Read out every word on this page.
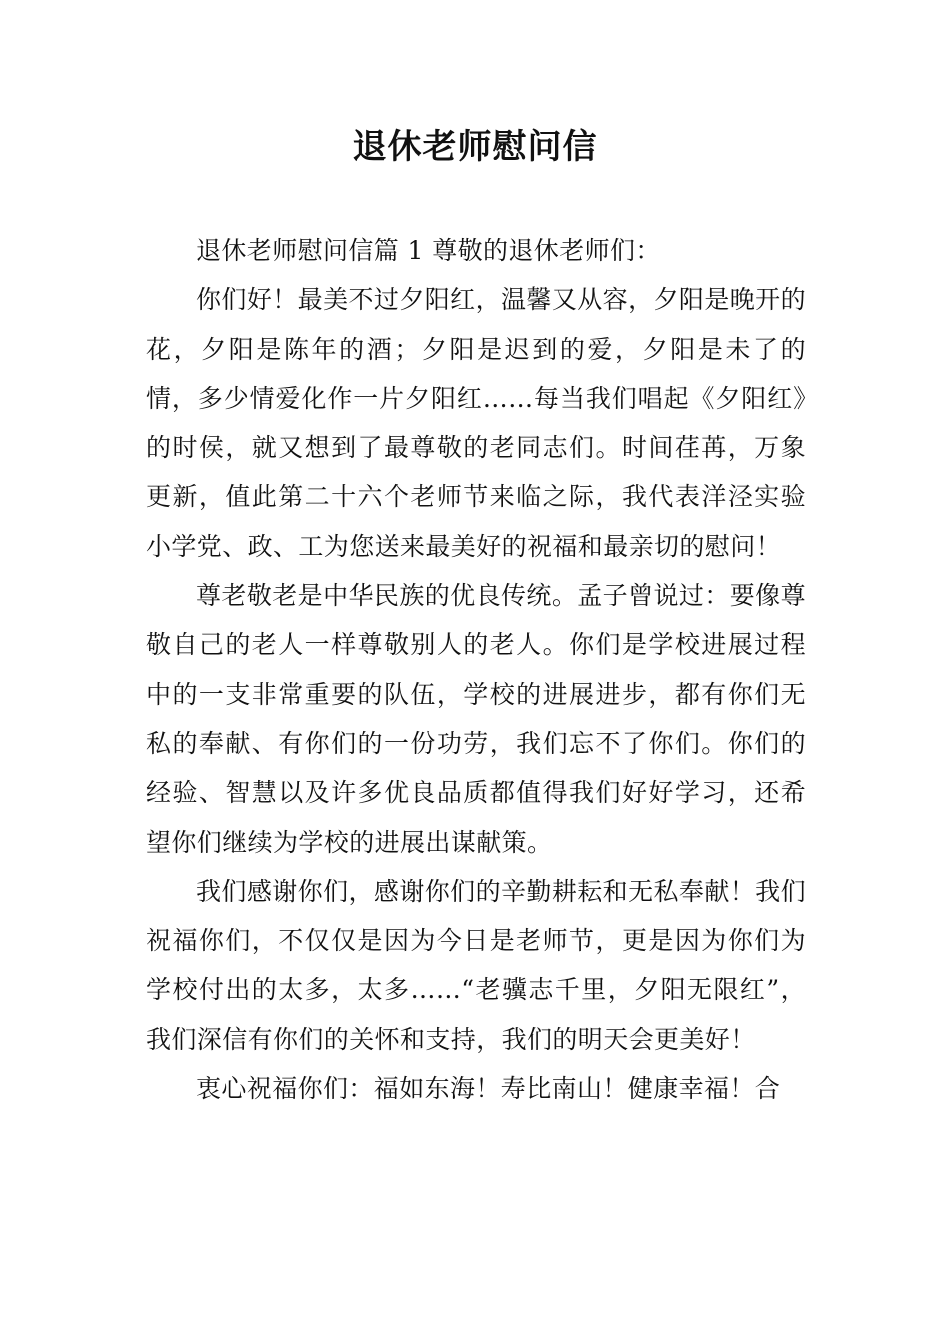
退休老师慰问信

退休老师慰问信篇 1 尊敬的退休老师们：

你们好！最美不过夕阳红，温馨又从容，夕阳是晚开的花，夕阳是陈年的酒；夕阳是迟到的爱，夕阳是未了的情，多少情爱化作一片夕阳红……每当我们唱起《夕阳红》的时侯，就又想到了最尊敬的老同志们。时间荏苒，万象更新，值此第二十六个老师节来临之际，我代表洋泾实验小学党、政、工为您送来最美好的祝福和最亲切的慰问！

尊老敬老是中华民族的优良传统。孟子曾说过：要像尊敬自己的老人一样尊敬别人的老人。你们是学校进展过程中的一支非常重要的队伍，学校的进展进步，都有你们无私的奉献、有你们的一份功劳，我们忘不了你们。你们的经验、智慧以及许多优良品质都值得我们好好学习，还希望你们继续为学校的进展出谋献策。

我们感谢你们，感谢你们的辛勤耕耘和无私奉献！我们祝福你们，不仅仅是因为今日是老师节，更是因为你们为学校付出的太多，太多……“老骥志千里，夕阳无限红”，我们深信有你们的关怀和支持，我们的明天会更美好！

衷心祝福你们：福如东海！寿比南山！健康幸福！合
